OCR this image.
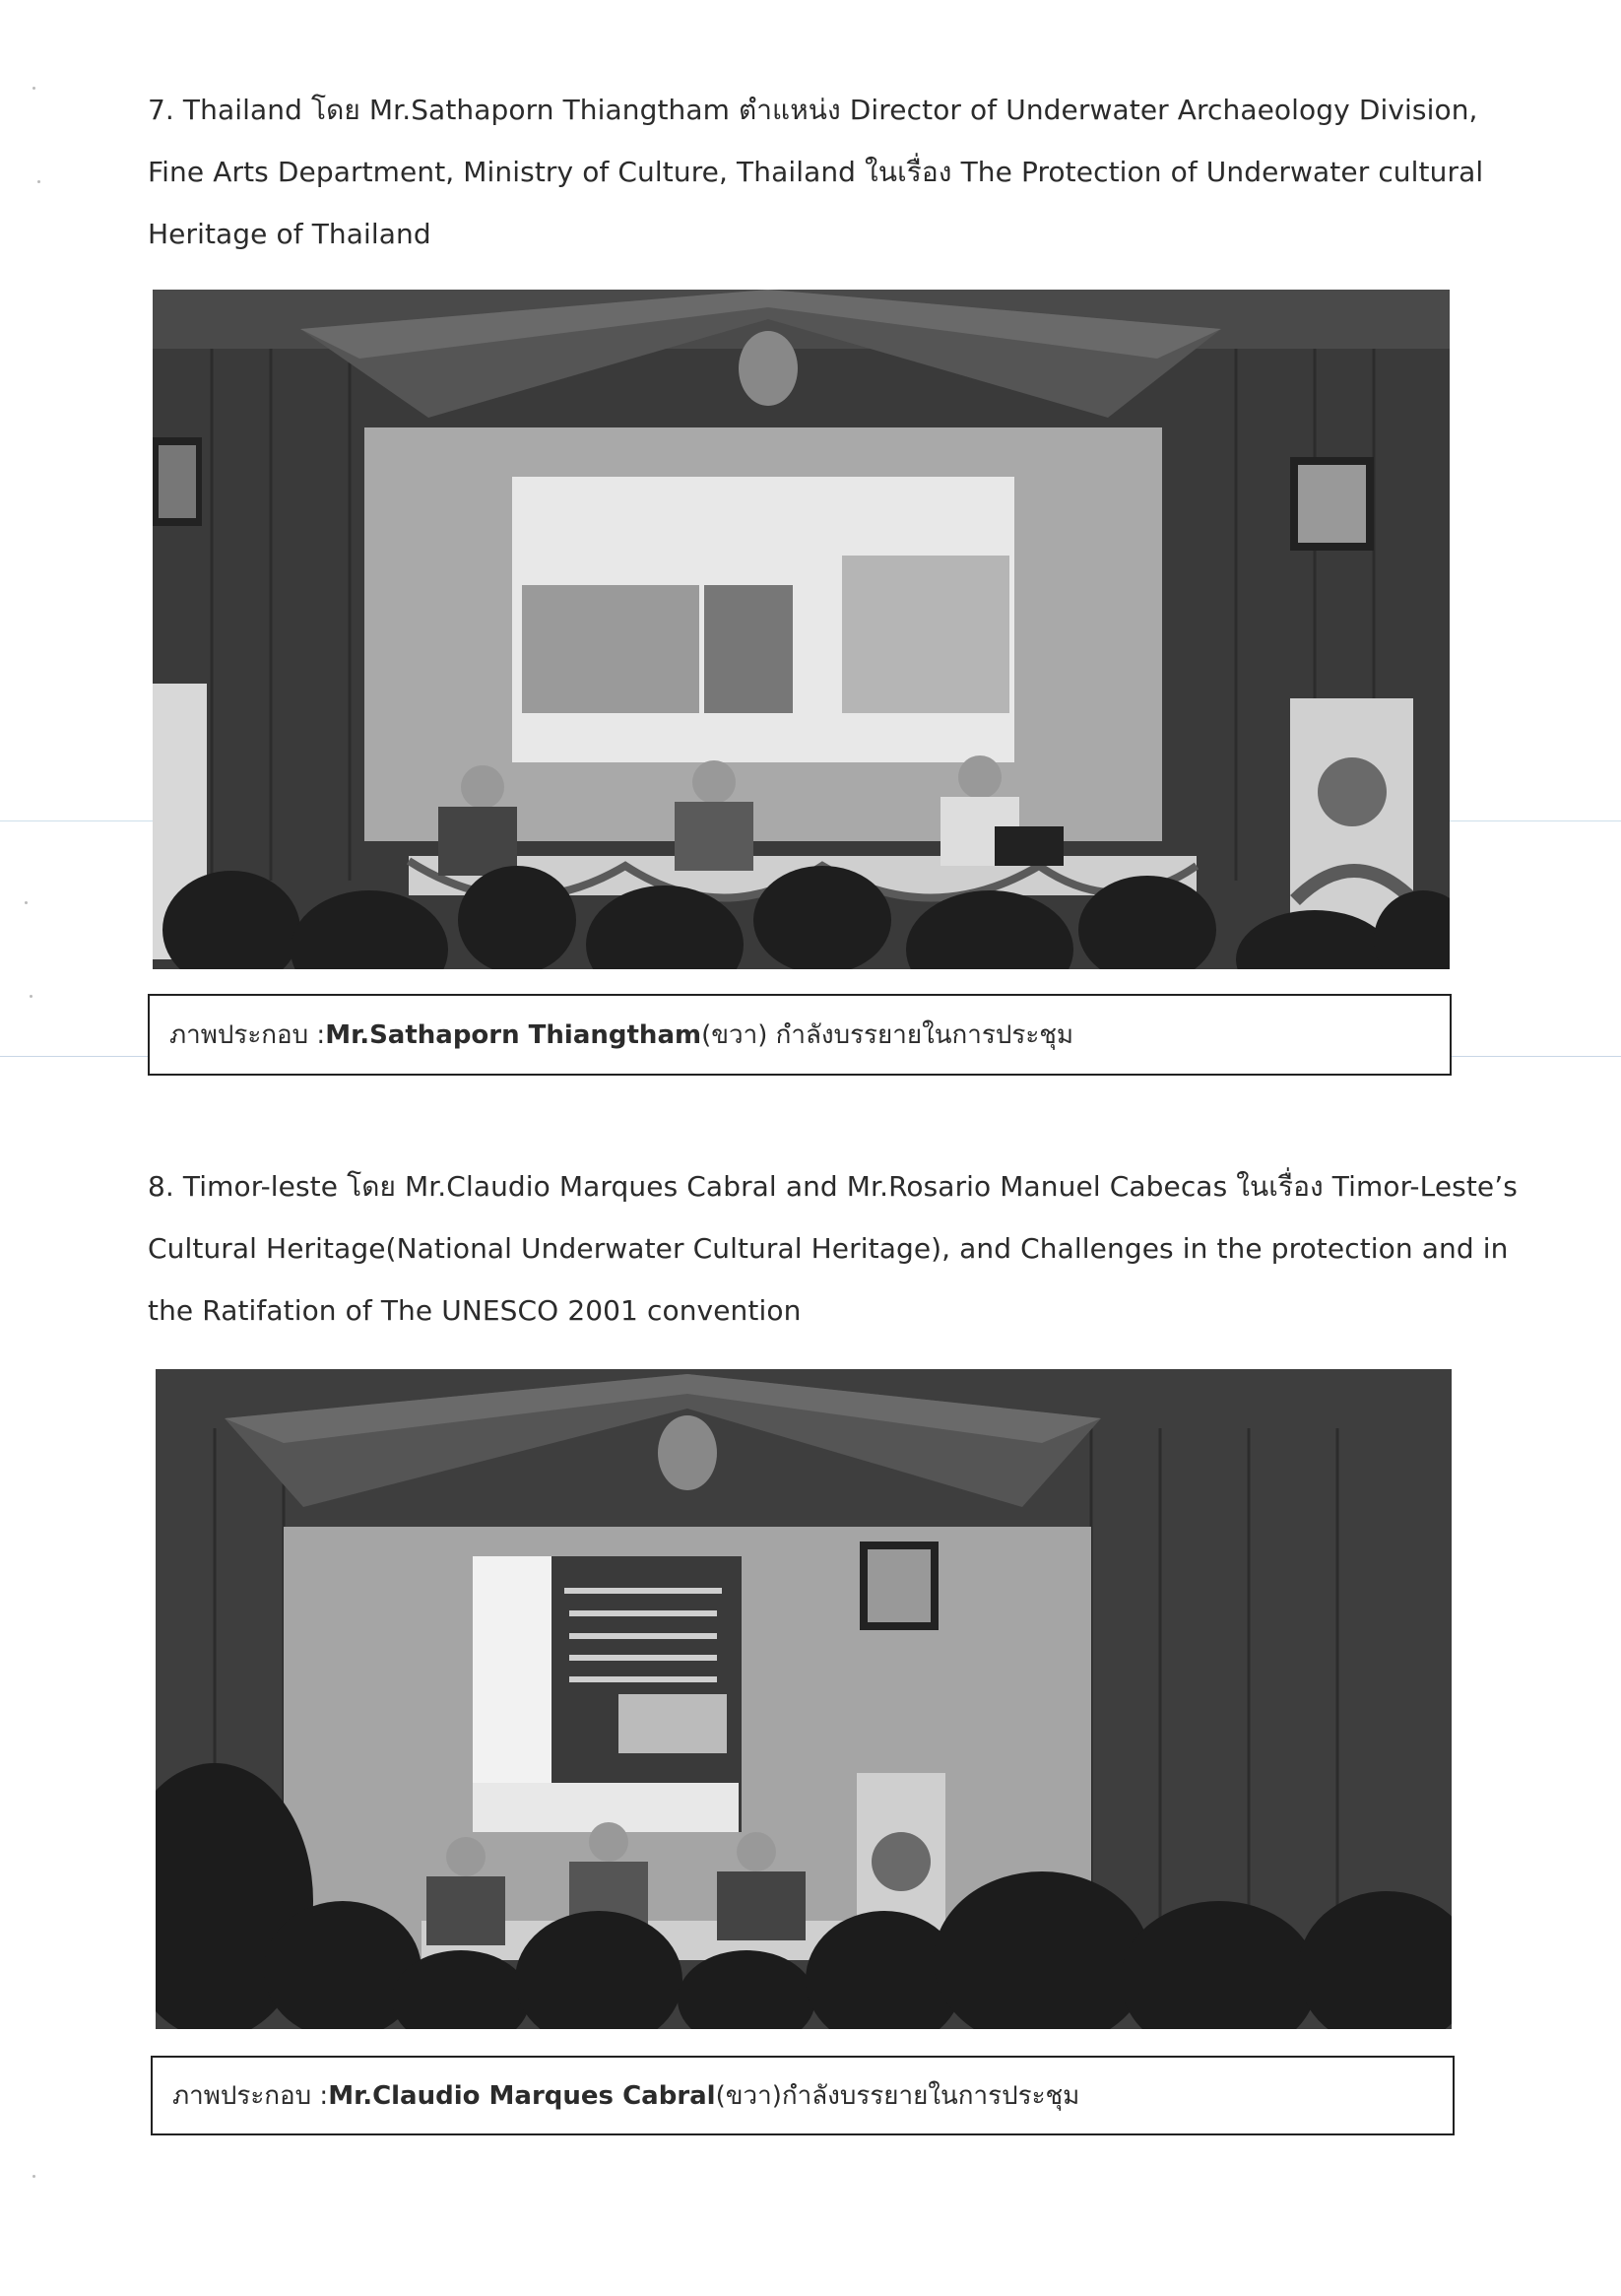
7. Thailand โดย Mr.Sathaporn Thiangtham ตำแหน่ง Director of Underwater Archaeology Division,

Fine Arts Department, Ministry of Culture, Thailand ในเรื่อง The Protection of Underwater cultural

Heritage of Thailand

ภาพประกอบ : Mr.Sathaporn Thiangtham (ขวา) กำลังบรรยายในการประชุม

8. Timor-leste โดย Mr.Claudio Marques Cabral and Mr.Rosario Manuel Cabecas ในเรื่อง Timor-Leste’s

Cultural Heritage(National Underwater Cultural Heritage), and Challenges in the protection and in

the Ratifation of The UNESCO 2001 convention

ภาพประกอบ : Mr.Claudio Marques Cabral (ขวา)กำลังบรรยายในการประชุม
